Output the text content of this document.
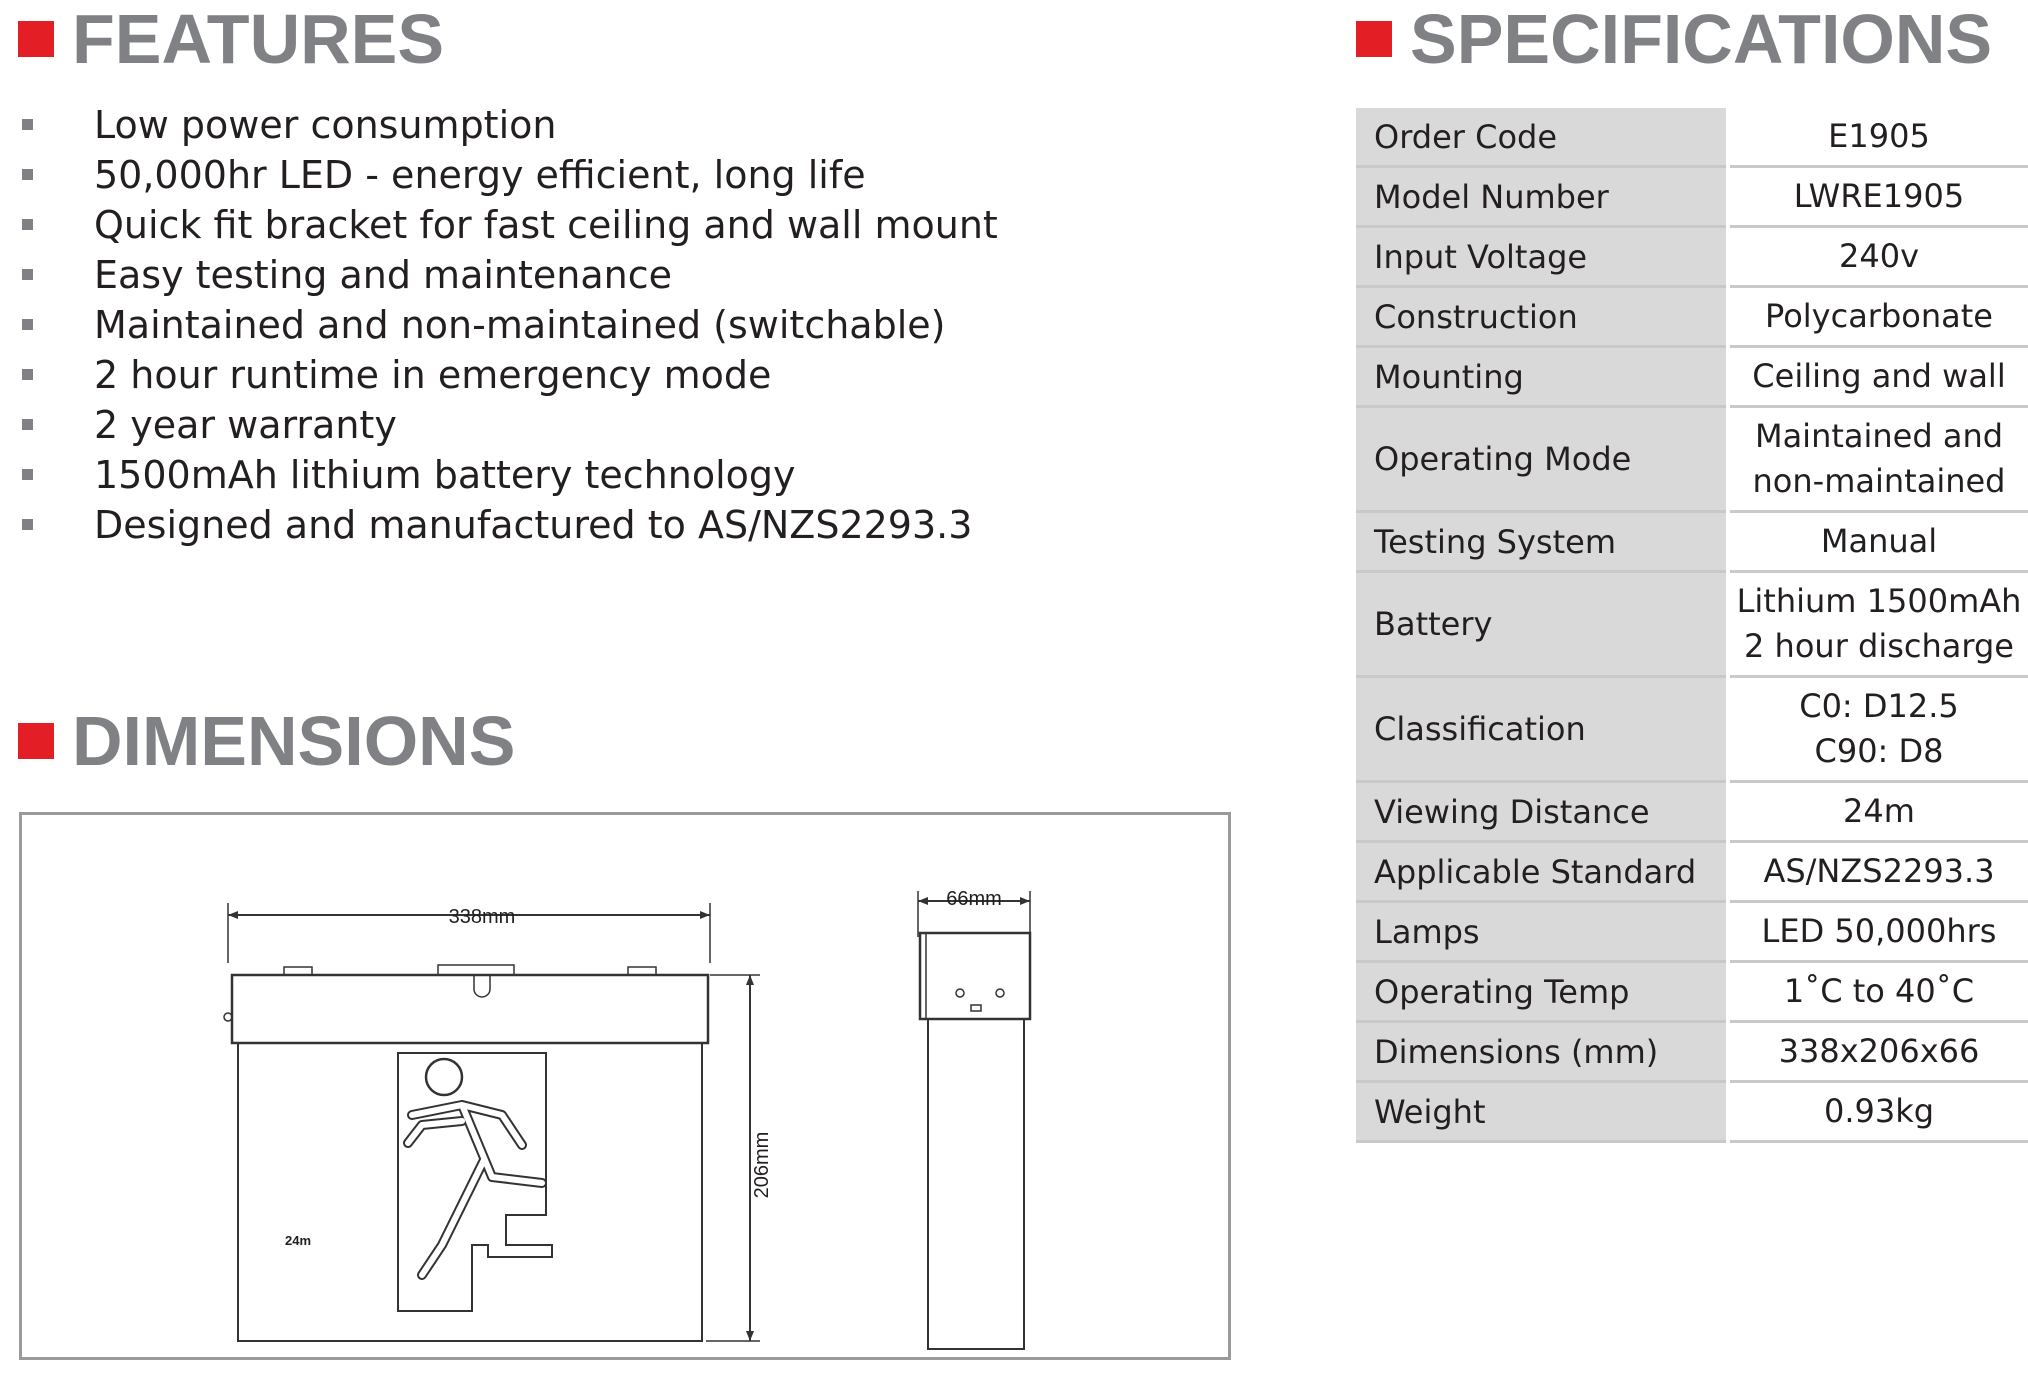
FEATURES
Low power consumption
50,000hr LED - energy efficient, long life
Quick fit bracket for fast ceiling and wall mount
Easy testing and maintenance
Maintained and non-maintained (switchable)
2 hour runtime in emergency mode
2 year warranty
1500mAh lithium battery technology
Designed and manufactured to AS/NZS2293.3
DIMENSIONS
338mm
206mm
66mm
24m
SPECIFICATIONS
Order Code	E1905
Model Number	LWRE1905
Input Voltage	240v
Construction	Polycarbonate
Mounting	Ceiling and wall
Operating Mode	Maintained and
non-maintained

Testing System	Manual
Battery	Lithium 1500mAh
2 hour discharge

Classification	C0: D12.5
C90: D8

Viewing Distance	24m
Applicable Standard	AS/NZS2293.3
Lamps	LED 50,000hrs
Operating Temp	1˚C to 40˚C
Dimensions (mm)	338x206x66
Weight	0.93kg
